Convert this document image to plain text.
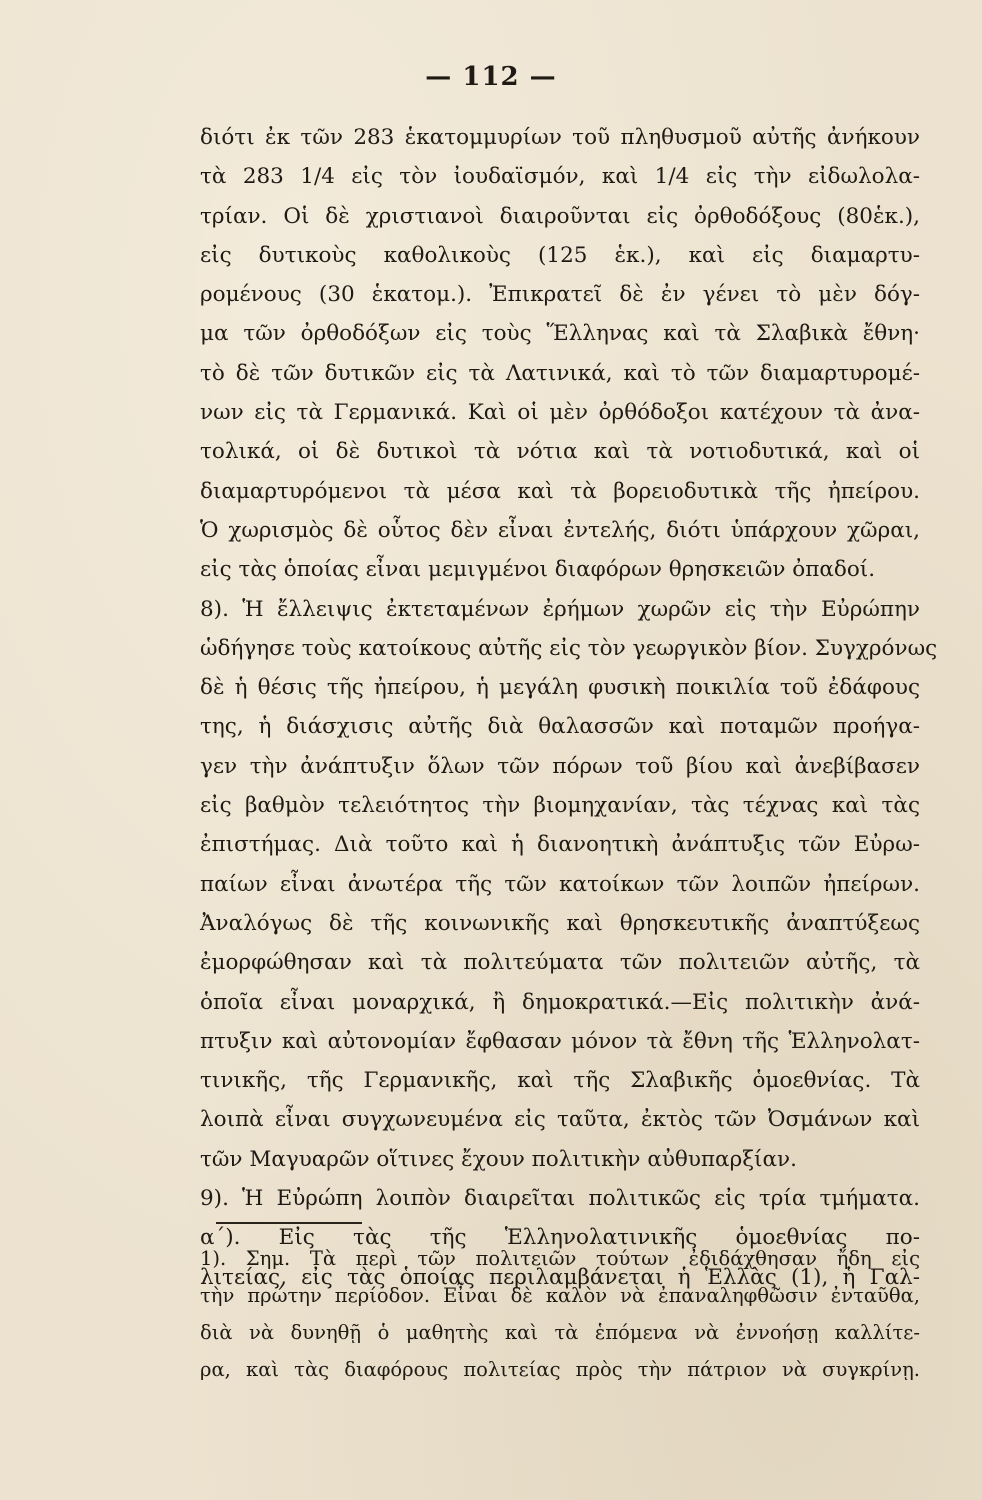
— 112 —
διότι ἐκ τῶν 283 ἑκατομμυρίων τοῦ πληθυσμοῦ αὐτῆς ἀνήκουν
τὰ 283 1/4 εἰς τὸν ἰουδαϊσμόν, καὶ 1/4 εἰς τὴν εἰδωλολα-
τρίαν. Οἱ δὲ χριστιανοὶ διαιροῦνται εἰς ὀρθοδόξους (80ἑκ.),
εἰς δυτικοὺς καθολικοὺς (125 ἑκ.), καὶ εἰς διαμαρτυ-
ρομένους (30 ἑκατομ.). Ἐπικρατεῖ δὲ ἐν γένει τὸ μὲν δόγ-
μα τῶν ὀρθοδόξων εἰς τοὺς Ἕλληνας καὶ τὰ Σλαβικὰ ἔθνη·
τὸ δὲ τῶν δυτικῶν εἰς τὰ Λατινικά, καὶ τὸ τῶν διαμαρτυρομέ-
νων εἰς τὰ Γερμανικά. Καὶ οἱ μὲν ὀρθόδοξοι κατέχουν τὰ ἀνα-
τολικά, οἱ δὲ δυτικοὶ τὰ νότια καὶ τὰ νοτιοδυτικά, καὶ οἱ
διαμαρτυρόμενοι τὰ μέσα καὶ τὰ βορειοδυτικὰ τῆς ἠπείρου.
Ὁ χωρισμὸς δὲ οὗτος δὲν εἶναι ἐντελής, διότι ὑπάρχουν χῶραι,
εἰς τὰς ὁποίας εἶναι μεμιγμένοι διαφόρων θρησκειῶν ὀπαδοί.
8). Ἡ ἔλλειψις ἐκτεταμένων ἐρήμων χωρῶν εἰς τὴν Εὐρώπην
ὡδήγησε τοὺς κατοίκους αὐτῆς εἰς τὸν γεωργικὸν βίον. Συγχρόνως
δὲ ἡ θέσις τῆς ἠπείρου, ἡ μεγάλη φυσικὴ ποικιλία τοῦ ἐδάφους
της, ἡ διάσχισις αὐτῆς διὰ θαλασσῶν καὶ ποταμῶν προήγα-
γεν τὴν ἀνάπτυξιν ὅλων τῶν πόρων τοῦ βίου καὶ ἀνεβίβασεν
εἰς βαθμὸν τελειότητος τὴν βιομηχανίαν, τὰς τέχνας καὶ τὰς
ἐπιστήμας. Διὰ τοῦτο καὶ ἡ διανοητικὴ ἀνάπτυξις τῶν Εὐρω-
παίων εἶναι ἀνωτέρα τῆς τῶν κατοίκων τῶν λοιπῶν ἠπείρων.
Ἀναλόγως δὲ τῆς κοινωνικῆς καὶ θρησκευτικῆς ἀναπτύξεως
ἐμορφώθησαν καὶ τὰ πολιτεύματα τῶν πολιτειῶν αὐτῆς, τὰ
ὁποῖα εἶναι μοναρχικά, ἢ δημοκρατικά.—Εἰς πολιτικὴν ἀνά-
πτυξιν καὶ αὐτονομίαν ἔφθασαν μόνον τὰ ἔθνη τῆς Ἑλληνολατ-
τινικῆς, τῆς Γερμανικῆς, καὶ τῆς Σλαβικῆς ὁμοεθνίας. Τὰ
λοιπὰ εἶναι συγχωνευμένα εἰς ταῦτα, ἐκτὸς τῶν Ὀσμάνων καὶ
τῶν Μαγυαρῶν οἵτινες ἔχουν πολιτικὴν αὐθυπαρξίαν.
9). Ἡ Εὐρώπη λοιπὸν διαιρεῖται πολιτικῶς εἰς τρία τμήματα.
α΄). Εἰς τὰς τῆς Ἑλληνολατινικῆς ὁμοεθνίας πο-
λιτείας, εἰς τὰς ὁποίας περιλαμβάνεται ἡ Ἑλλὰς (1), ἡ Γαλ-
1). Σημ. Τὰ περὶ τῶν πολιτειῶν τούτων ἐδιδάχθησαν ἤδη εἰς
τὴν πρώτην περίοδον. Εἶναι δὲ καλὸν νὰ ἐπαναληφθῶσιν ἐνταῦθα,
διὰ νὰ δυνηθῇ ὁ μαθητὴς καὶ τὰ ἑπόμενα νὰ ἐννοήσῃ καλλίτε-
ρα, καὶ τὰς διαφόρους πολιτείας πρὸς τὴν πάτριον νὰ συγκρίνῃ.
